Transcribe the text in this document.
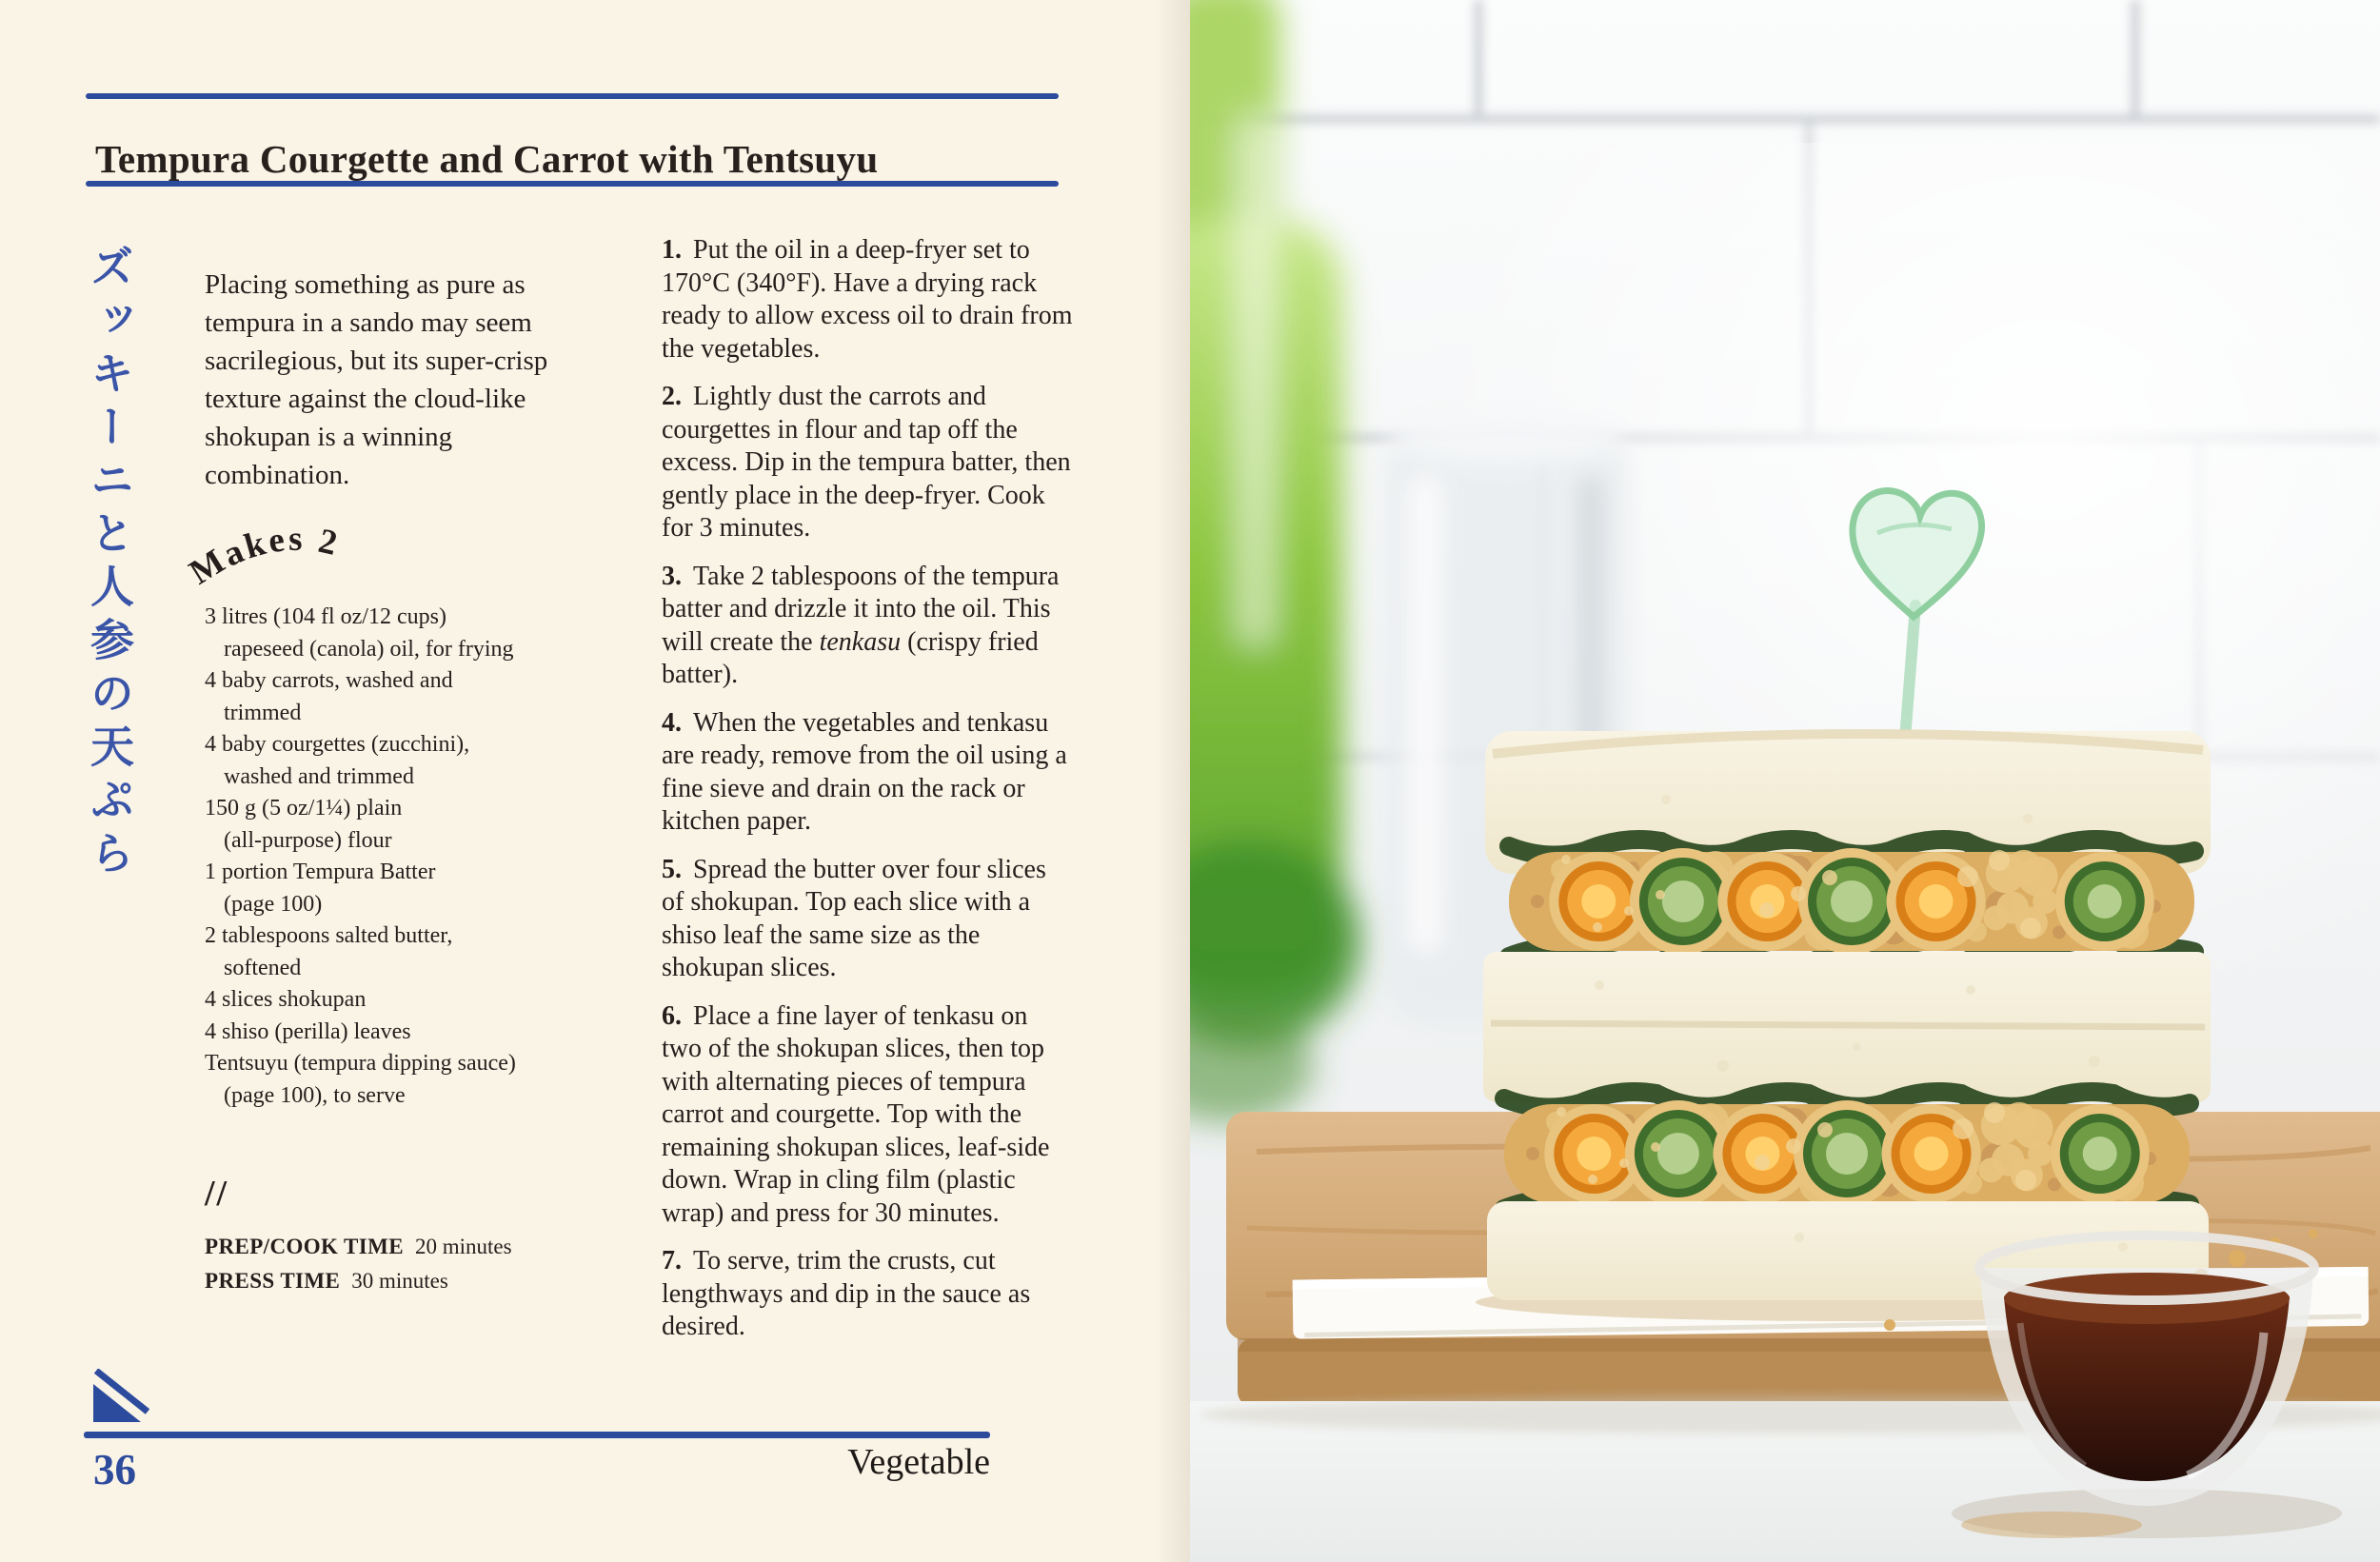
Tempura Courgette and Carrot with Tentsuyu
ズッキーニと人参の天ぷら	Placing something as pure as tempura in a sando may seem sacrilegious, but its super-crisp texture against the cloud-like shokupan is a winning combination.

Makes 2
3 litres (104 fl oz/12 cups)
rapeseed (canola) oil, for frying
4 baby carrots, washed and
trimmed
4 baby courgettes (zucchini),
washed and trimmed
150 g (5 oz/1¼) plain
(all-purpose) flour
1 portion Tempura Batter
(page 100)
2 tablespoons salted butter,
softened
4 slices shokupan
4 shiso (perilla) leaves
Tentsuyu (tempura dipping sauce)
(page 100), to serve
//
PREP/COOK TIME 20 minutes
PRESS TIME 30 minutes

1. Put the oil in a deep-fryer set to 170°C (340°F). Have a drying rack ready to allow excess oil to drain from the vegetables.

2. Lightly dust the carrots and courgettes in flour and tap off the excess. Dip in the tempura batter, then gently place in the deep-fryer. Cook for 3 minutes.

3. Take 2 tablespoons of the tempura batter and drizzle it into the oil. This will create the tenkasu (crispy fried batter).

4. When the vegetables and tenkasu are ready, remove from the oil using a fine sieve and drain on the rack or kitchen paper.

5. Spread the butter over four slices of shokupan. Top each slice with a shiso leaf the same size as the shokupan slices.

6. Place a fine layer of tenkasu on two of the shokupan slices, then top with alternating pieces of tempura carrot and courgette. Top with the remaining shokupan slices, leaf-side down. Wrap in cling film (plastic wrap) and press for 30 minutes.

7. To serve, trim the crusts, cut lengthways and dip in the sauce as desired.

36	Vegetable
